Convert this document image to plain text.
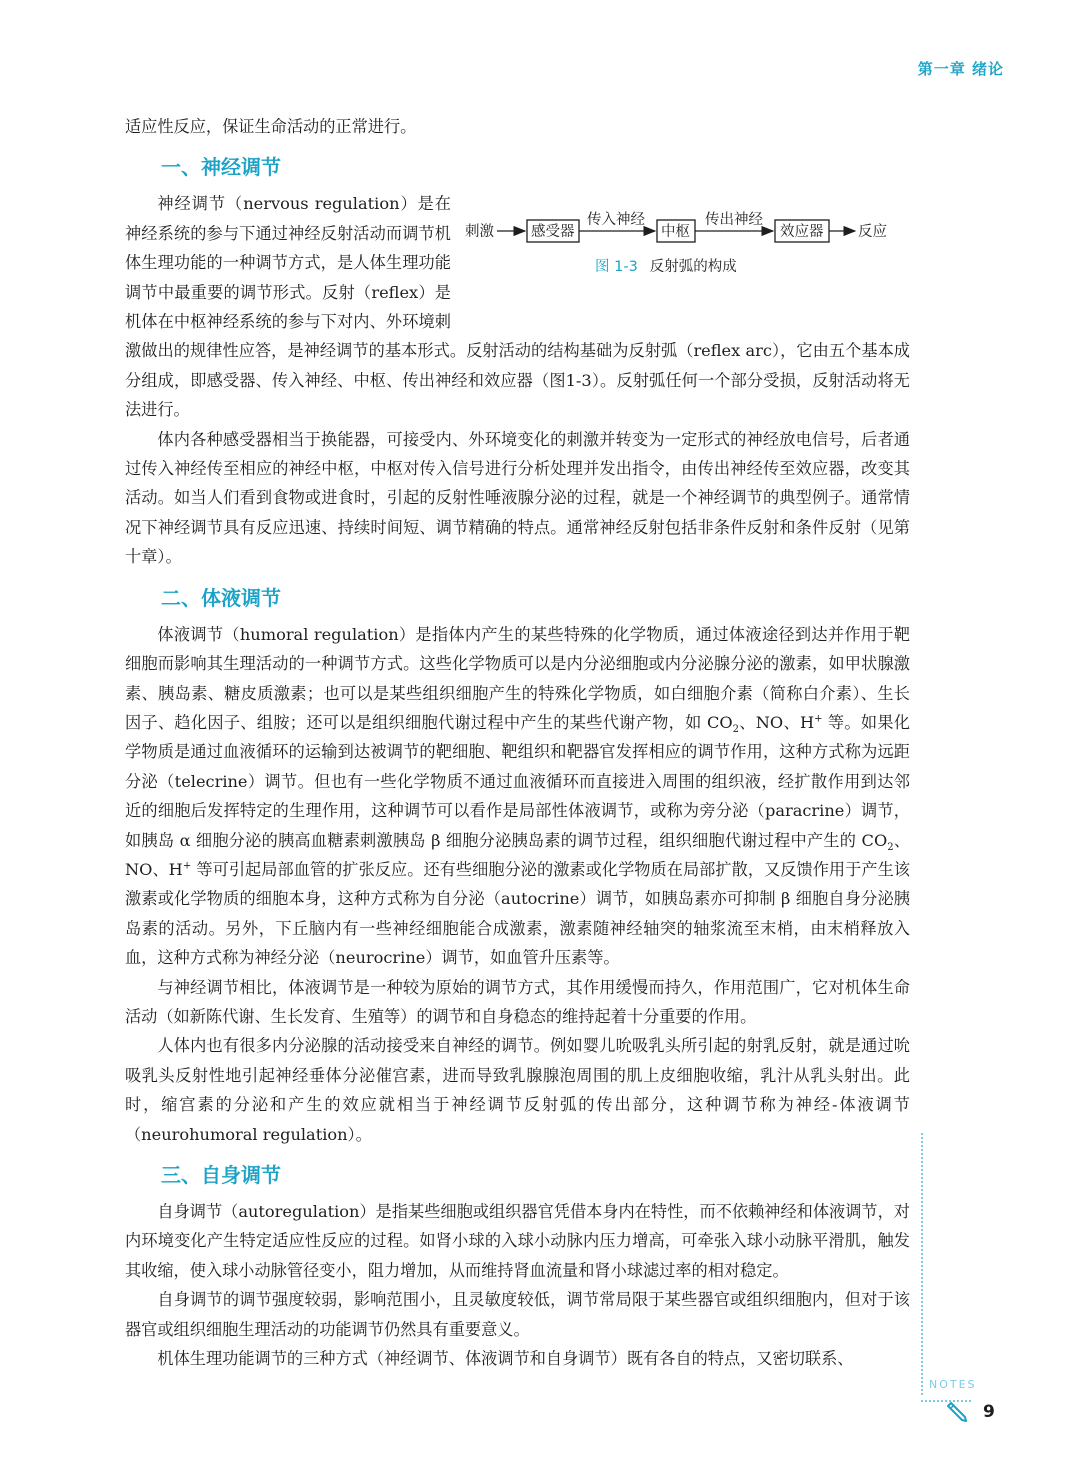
第一章 绪论

适应性反应，保证生命活动的正常进行。

一、神经调节
刺激	感受器
传入神经
中枢
传出神经
效应器 反应
图 1-3 反射弧的构成

神经调节（nervous regulation）是在神经系统的参与下通过神经反射活动而调节机体生理功能的一种调节方式，是人体生理功能调节中最重要的调节形式。反射（reflex）是机体在中枢神经系统的参与下对内、外环境刺激做出的规律性应答，是神经调节的基本形式。反射活动的结构基础为反射弧（reflex arc），它由五个基本成分组成，即感受器、传入神经、中枢、传出神经和效应器（图1-3）。反射弧任何一个部分受损，反射活动将无法进行。

体内各种感受器相当于换能器，可接受内、外环境变化的刺激并转变为一定形式的神经放电信号，后者通过传入神经传至相应的神经中枢，中枢对传入信号进行分析处理并发出指令，由传出神经传至效应器，改变其活动。如当人们看到食物或进食时，引起的反射性唾液腺分泌的过程，就是一个神经调节的典型例子。通常情况下神经调节具有反应迅速、持续时间短、调节精确的特点。通常神经反射包括非条件反射和条件反射（见第十章）。

二、体液调节

体液调节（humoral regulation）是指体内产生的某些特殊的化学物质，通过体液途径到达并作用于靶细胞而影响其生理活动的一种调节方式。这些化学物质可以是内分泌细胞或内分泌腺分泌的激素，如甲状腺激素、胰岛素、糖皮质激素；也可以是某些组织细胞产生的特殊化学物质，如白细胞介素（简称白介素）、生长因子、趋化因子、组胺；还可以是组织细胞代谢过程中产生的某些代谢产物，如 $CO_2$、NO、H+ 等。如果化学物质是通过血液循环的运输到达被调节的靶细胞、靶组织和靶器官发挥相应的调节作用，这种方式称为远距分泌（telecrine）调节。但也有一些化学物质不通过血液循环而直接进入周围的组织液，经扩散作用到达邻近的细胞后发挥特定的生理作用，这种调节可以看作是局部性体液调节，或称为旁分泌（paracrine）调节，如胰岛 α 细胞分泌的胰高血糖素刺激胰岛 β 细胞分泌胰岛素的调节过程，组织细胞代谢过程中产生的 $CO_2$、NO、H+ 等可引起局部血管的扩张反应。还有些细胞分泌的激素或化学物质在局部扩散，又反馈作用于产生该激素或化学物质的细胞本身，这种方式称为自分泌（autocrine）调节，如胰岛素亦可抑制 β 细胞自身分泌胰岛素的活动。另外，下丘脑内有一些神经细胞能合成激素，激素随神经轴突的轴浆流至末梢，由末梢释放入血，这种方式称为神经分泌（neurocrine）调节，如血管升压素等。

与神经调节相比，体液调节是一种较为原始的调节方式，其作用缓慢而持久，作用范围广，它对机体生命活动（如新陈代谢、生长发育、生殖等）的调节和自身稳态的维持起着十分重要的作用。

人体内也有很多内分泌腺的活动接受来自神经的调节。例如婴儿吮吸乳头所引起的射乳反射，就是通过吮吸乳头反射性地引起神经垂体分泌催宫素，进而导致乳腺腺泡周围的肌上皮细胞收缩，乳汁从乳头射出。此时，缩宫素的分泌和产生的效应就相当于神经调节反射弧的传出部分，这种调节称为神经-体液调节（neurohumoral regulation）。

三、自身调节

自身调节（autoregulation）是指某些细胞或组织器官凭借本身内在特性，而不依赖神经和体液调节，对内环境变化产生特定适应性反应的过程。如肾小球的入球小动脉内压力增高，可牵张入球小动脉平滑肌，触发其收缩，使入球小动脉管径变小，阻力增加，从而维持肾血流量和肾小球滤过率的相对稳定。

自身调节的调节强度较弱，影响范围小，且灵敏度较低，调节常局限于某些器官或组织细胞内，但对于该器官或组织细胞生理活动的功能调节仍然具有重要意义。

机体生理功能调节的三种方式（神经调节、体液调节和自身调节）既有各自的特点，又密切联系、

NOTES
9
